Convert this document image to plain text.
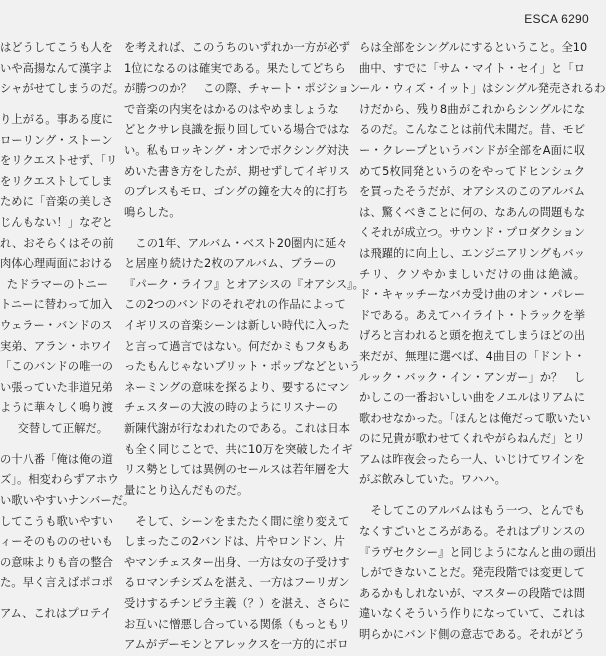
ESCA 6290
はどうしてこうも人を
いや高揚なんて漢字よ
シャがせてしまうのだ。
り上がる。事ある度に
ローリング・ストーン
をリクエストせず、「リ
をリクエストしてしま
ために「音楽の美しさ
じんもない！」なぞと
れ、おそらくはその前
肉体心理両面における
たドラマーのトニー
トニーに替わって加入
ウェラー・バンドのス
実弟、アラン・ホワイ
「このバンドの唯一の
い張っていた非道兄弟
ように華々しく鳴り渡
交替して正解だ。
の十八番「俺は俺の道
ズ」。相変わらずアホウ
い歌いやすいナンバーだ。
してこうも歌いやすい
ィーそのもののせいも
の意味よりも音の整合
た。早く言えばポコポ
アム、これはプロテイ
を考えれば、このうちのいずれか一方が必ず
1位になるのは確実である。果たしてどちら
が勝つのか？　この際、チャート・ポジション
で音楽の内実をはかるのはやめましょうな
どとクサレ良識を振り回している場合ではな
い。私もロッキング・オンでボクシング対決
めいた書き方をしたが、期せずしてイギリス
のプレスもモロ、ゴングの鐘を大々的に打ち
鳴らした。
　この1年、アルバム・ベスト20圏内に延々
と居座り続けた2枚のアルバム、ブラーの
『パーク・ライフ』とオアシスの『オアシス』。
この2つのバンドのそれぞれの作品によって
イギリスの音楽シーンは新しい時代に入った
と言って過言ではない。何だかミもフタもあ
ったもんじゃないブリット・ポップなどという
ネーミングの意味を探るより、要するにマン
チェスターの大波の時のようにリスナーの
新陳代謝が行なわれたのである。これは日本
も全く同じことで、共に10万を突破したイギ
リス勢としては異例のセールスは若年層を大
量にとり込んだものだ。
　そして、シーンをまたたく間に塗り変えて
しまったこの2バンドは、片やロンドン、片
やマンチェスター出身、一方は女の子受けす
るロマンチシズムを湛え、一方はフーリガン
受けするチンピラ主義（？）を湛え、さらに
お互いに憎悪し合っている関係（もっともリ
アムがデーモンとアレックスを一方的にボロ
らは全部をシングルにするということ。全10
曲中、すでに「サム・マイト・セイ」と「ロ
ール・ウィズ・イット」はシングル発売されるわ
けだから、残り8曲がこれからシングルにな
るのだ。こんなことは前代未聞だ。昔、モビ
ー・クレープというバンドが全部をA面に収
めて5枚同発というのをやってドヒンシュク
を買ったそうだが、オアシスのこのアルバム
は、驚くべきことに何の、なあんの問題もな
くそれが成立つ。サウンド・プロダクション
は飛躍的に向上し、エンジニアリングもバッ
チリ、クソやかましいだけの曲は絶滅。
ド・キャッチーなバカ受け曲のオン・パレー
ドである。あえてハイライト・トラックを挙
げろと言われると頭を抱えてしまうほどの出
来だが、無理に選べば、4曲目の「ドント・
ルック・バック・イン・アンガー」か？　し
かしこの一番おいしい曲をノエルはリアムに
歌わせなかった。「ほんとは俺だって歌いたい
のに兄貴が歌わせてくれやがらねんだ」とリ
アムは昨夜会ったら一人、いじけてワインを
がぶ飲みしていた。ワハハ。
　そしてこのアルバムはもう一つ、とんでも
なくすごいところがある。それはプリンスの
『ラヴセクシー』と同じようになんと曲の頭出
しができないことだ。発売段階では変更して
あるかもしれないが、マスターの段階では間
違いなくそういう作りになっていて、これは
明らかにバンド側の意志である。それがどう
